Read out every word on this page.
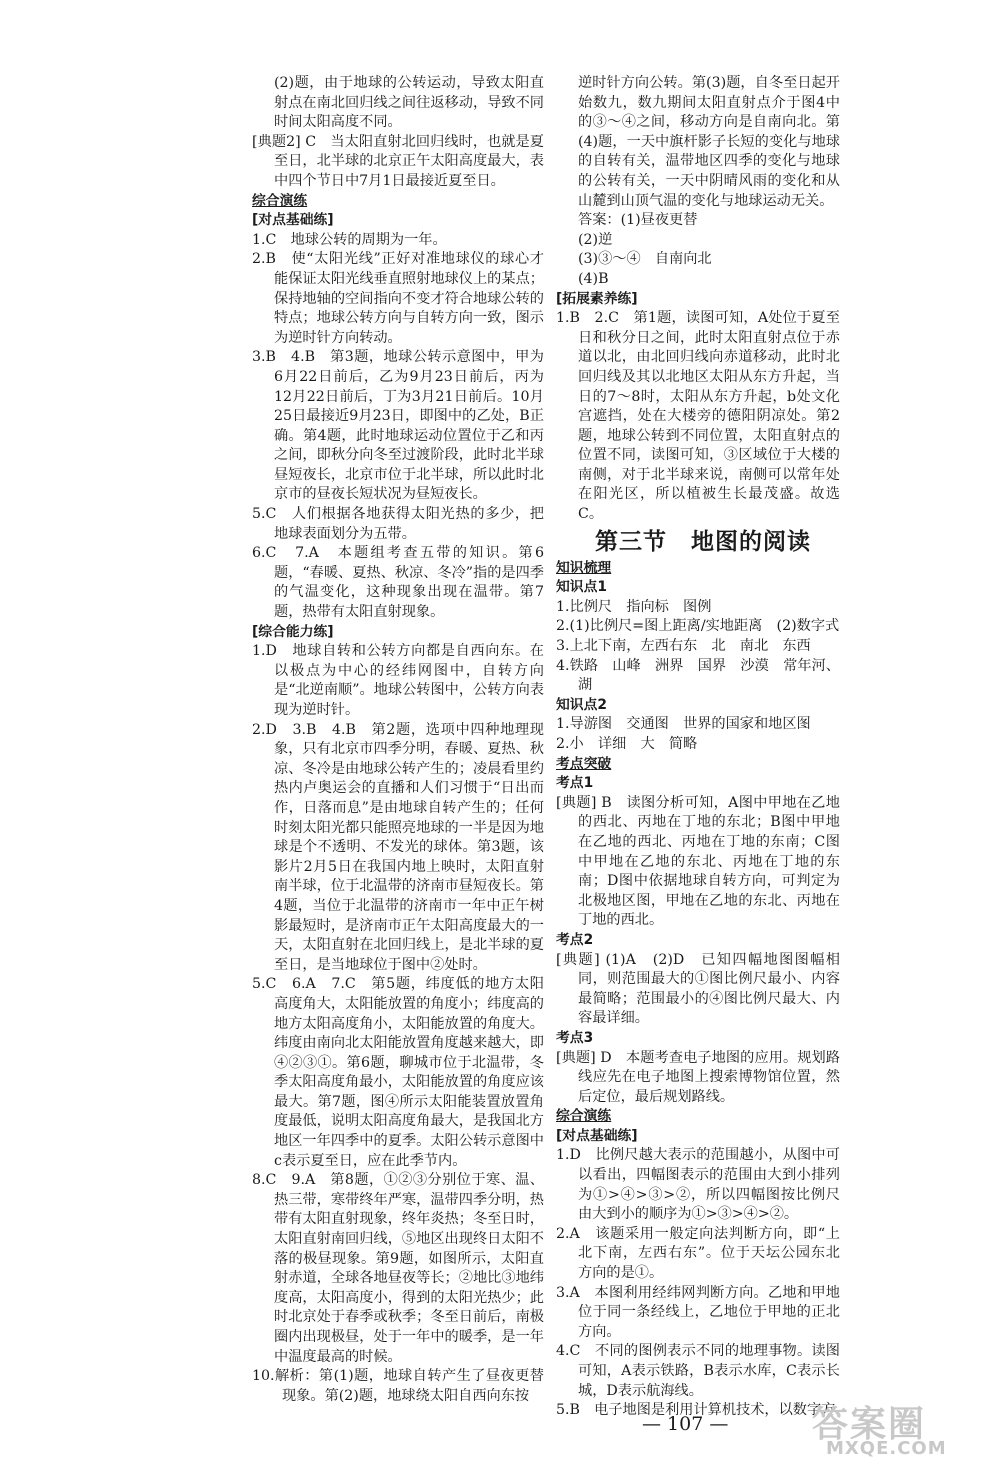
(2)题，由于地球的公转运动，导致太阳直射点在南北回归线之间往返移动，导致不同时间太阳高度不同。
[典题2] C　当太阳直射北回归线时，也就是夏至日，北半球的北京正午太阳高度最大，表中四个节日中7月1日最接近夏至日。
综合演练
[对点基础练]
1.C　地球公转的周期为一年。
2.B　使“太阳光线”正好对准地球仪的球心才能保证太阳光线垂直照射地球仪上的某点；保持地轴的空间指向不变才符合地球公转的特点；地球公转方向与自转方向一致，图示为逆时针方向转动。
3.B　4.B　第3题，地球公转示意图中，甲为6月22日前后，乙为9月23日前后，丙为12月22日前后，丁为3月21日前后。10月25日最接近9月23日，即图中的乙处，B正确。第4题，此时地球运动位置位于乙和丙之间，即秋分向冬至过渡阶段，此时北半球昼短夜长，北京市位于北半球，所以此时北京市的昼夜长短状况为昼短夜长。
5.C　人们根据各地获得太阳光热的多少，把地球表面划分为五带。
6.C　7.A　本题组考查五带的知识。第6题，“春暖、夏热、秋凉、冬冷”指的是四季的气温变化，这种现象出现在温带。第7题，热带有太阳直射现象。
[综合能力练]
1.D　地球自转和公转方向都是自西向东。在以极点为中心的经纬网图中，自转方向是“北逆南顺”。地球公转图中，公转方向表现为逆时针。
2.D　3.B　4.B　第2题，选项中四种地理现象，只有北京市四季分明，春暖、夏热、秋凉、冬冷是由地球公转产生的；凌晨看里约热内卢奥运会的直播和人们习惯于“日出而作，日落而息”是由地球自转产生的；任何时刻太阳光都只能照亮地球的一半是因为地球是个不透明、不发光的球体。第3题，该影片2月5日在我国内地上映时，太阳直射南半球，位于北温带的济南市昼短夜长。第4题，当位于北温带的济南市一年中正午树影最短时，是济南市正午太阳高度最大的一天，太阳直射在北回归线上，是北半球的夏至日，是当地球位于图中②处时。
5.C　6.A　7.C　第5题，纬度低的地方太阳高度角大，太阳能放置的角度小；纬度高的地方太阳高度角小，太阳能放置的角度大。纬度由南向北太阳能放置角度越来越大，即④②③①。第6题，聊城市位于北温带，冬季太阳高度角最小，太阳能放置的角度应该最大。第7题，图④所示太阳能装置放置角度最低，说明太阳高度角最大，是我国北方地区一年四季中的夏季。太阳公转示意图中c表示夏至日，应在此季节内。
8.C　9.A　第8题，①②③分别位于寒、温、热三带，寒带终年严寒，温带四季分明，热带有太阳直射现象，终年炎热；冬至日时，太阳直射南回归线，⑤地区出现终日太阳不落的极昼现象。第9题，如图所示，太阳直射赤道，全球各地昼夜等长；②地比③地纬度高，太阳高度小，得到的太阳光热少；此时北京处于春季或秋季；冬至日前后，南极圈内出现极昼，处于一年中的暖季，是一年中温度最高的时候。
10.解析：第(1)题，地球自转产生了昼夜更替现象。第(2)题，地球绕太阳自西向东按
逆时针方向公转。第(3)题，自冬至日起开始数九，数九期间太阳直射点介于图4中的③～④之间，移动方向是自南向北。第(4)题，一天中旗杆影子长短的变化与地球的自转有关，温带地区四季的变化与地球的公转有关，一天中阴晴风雨的变化和从山麓到山顶气温的变化与地球运动无关。
答案：(1)昼夜更替
(2)逆
(3)③～④　自南向北
(4)B
[拓展素养练]
1.B　2.C　第1题，读图可知，A处位于夏至日和秋分日之间，此时太阳直射点位于赤道以北，由北回归线向赤道移动，此时北回归线及其以北地区太阳从东方升起，当日的7～8时，太阳从东方升起，b处文化宫遮挡，处在大楼旁的德阳阴凉处。第2题，地球公转到不同位置，太阳直射点的位置不同，读图可知，③区域位于大楼的南侧，对于北半球来说，南侧可以常年处在阳光区，所以植被生长最茂盛。故选C。
第三节　地图的阅读
知识梳理
知识点1
1.比例尺　指向标　图例
2.(1)比例尺=图上距离/实地距离　(2)数字式
3.上北下南，左西右东　北　南北　东西
4.铁路　山峰　洲界　国界　沙漠　常年河、湖
知识点2
1.导游图　交通图　世界的国家和地区图
2.小　详细　大　简略
考点突破
考点1
[典题] B　读图分析可知，A图中甲地在乙地的西北、丙地在丁地的东北；B图中甲地在乙地的西北、丙地在丁地的东南；C图中甲地在乙地的东北、丙地在丁地的东南；D图中依据地球自转方向，可判定为北极地区图，甲地在乙地的东北、丙地在丁地的西北。
考点2
[典题] (1)A　(2)D　已知四幅地图图幅相同，则范围最大的①图比例尺最小、内容最简略；范围最小的④图比例尺最大、内容最详细。
考点3
[典题] D　本题考查电子地图的应用。规划路线应先在电子地图上搜索博物馆位置，然后定位，最后规划路线。
综合演练
[对点基础练]
1.D　比例尺越大表示的范围越小，从图中可以看出，四幅图表示的范围由大到小排列为①>④>③>②，所以四幅图按比例尺由大到小的顺序为①>③>④>②。
2.A　该题采用一般定向法判断方向，即“上北下南，左西右东”。位于天坛公园东北方向的是①。
3.A　本图利用经纬网判断方向。乙地和甲地位于同一条经线上，乙地位于甲地的正北方向。
4.C　不同的图例表示不同的地理事物。读图可知，A表示铁路，B表示水库，C表示长城，D表示航海线。
5.B　电子地图是利用计算机技术，以数字方
— 107 — 答案圈
MXQE.COM
